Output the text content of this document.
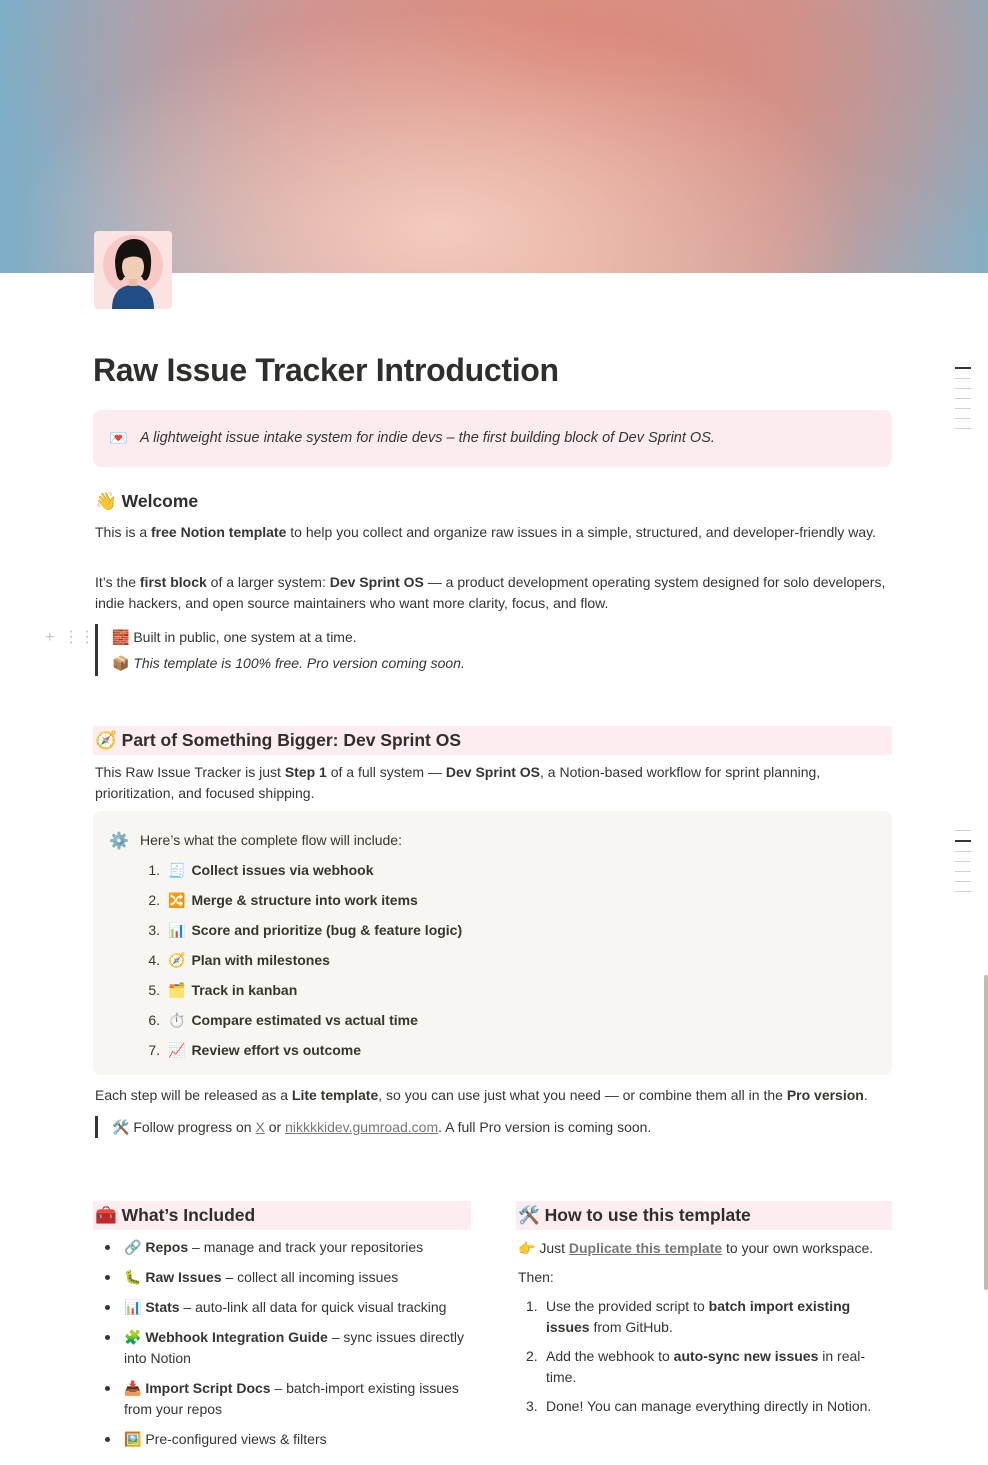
Raw Issue Tracker Introduction
💌 A lightweight issue intake system for indie devs – the first building block of Dev Sprint OS.
👋 Welcome
This is a free Notion template to help you collect and organize raw issues in a simple, structured, and developer-friendly way.
It’s the first block of a larger system: Dev Sprint OS — a product development operating system designed for solo developers, indie hackers, and open source maintainers who want more clarity, focus, and flow.
+  ⋮⋮ 🧱 Built in public, one system at a time.
📦 This template is 100% free. Pro version coming soon.
🧭 Part of Something Bigger: Dev Sprint OS
This Raw Issue Tracker is just Step 1 of a full system — Dev Sprint OS, a Notion-based workflow for sprint planning, prioritization, and focused shipping.
⚙️ Here’s what the complete flow will include:
1. 🧾 Collect issues via webhook
2. 🔀 Merge & structure into work items
3. 📊 Score and prioritize (bug & feature logic)
4. 🧭 Plan with milestones
5. 🗂️ Track in kanban
6. ⏱️ Compare estimated vs actual time
7. 📈 Review effort vs outcome
Each step will be released as a Lite template, so you can use just what you need — or combine them all in the Pro version.
🛠️ Follow progress on X or nikkkkidev.gumroad.com. A full Pro version is coming soon.
🧰 What’s Included
🔗 Repos – manage and track your repositories
🐛 Raw Issues – collect all incoming issues
📊 Stats – auto-link all data for quick visual tracking
🧩 Webhook Integration Guide – sync issues directly into Notion
📥 Import Script Docs – batch-import existing issues from your repos
🖼️ Pre-configured views & filters
🛠️ How to use this template
👉 Just Duplicate this template to your own workspace.
Then:
1. Use the provided script to batch import existing issues from GitHub.
2. Add the webhook to auto-sync new issues in real-time.
3. Done! You can manage everything directly in Notion.
